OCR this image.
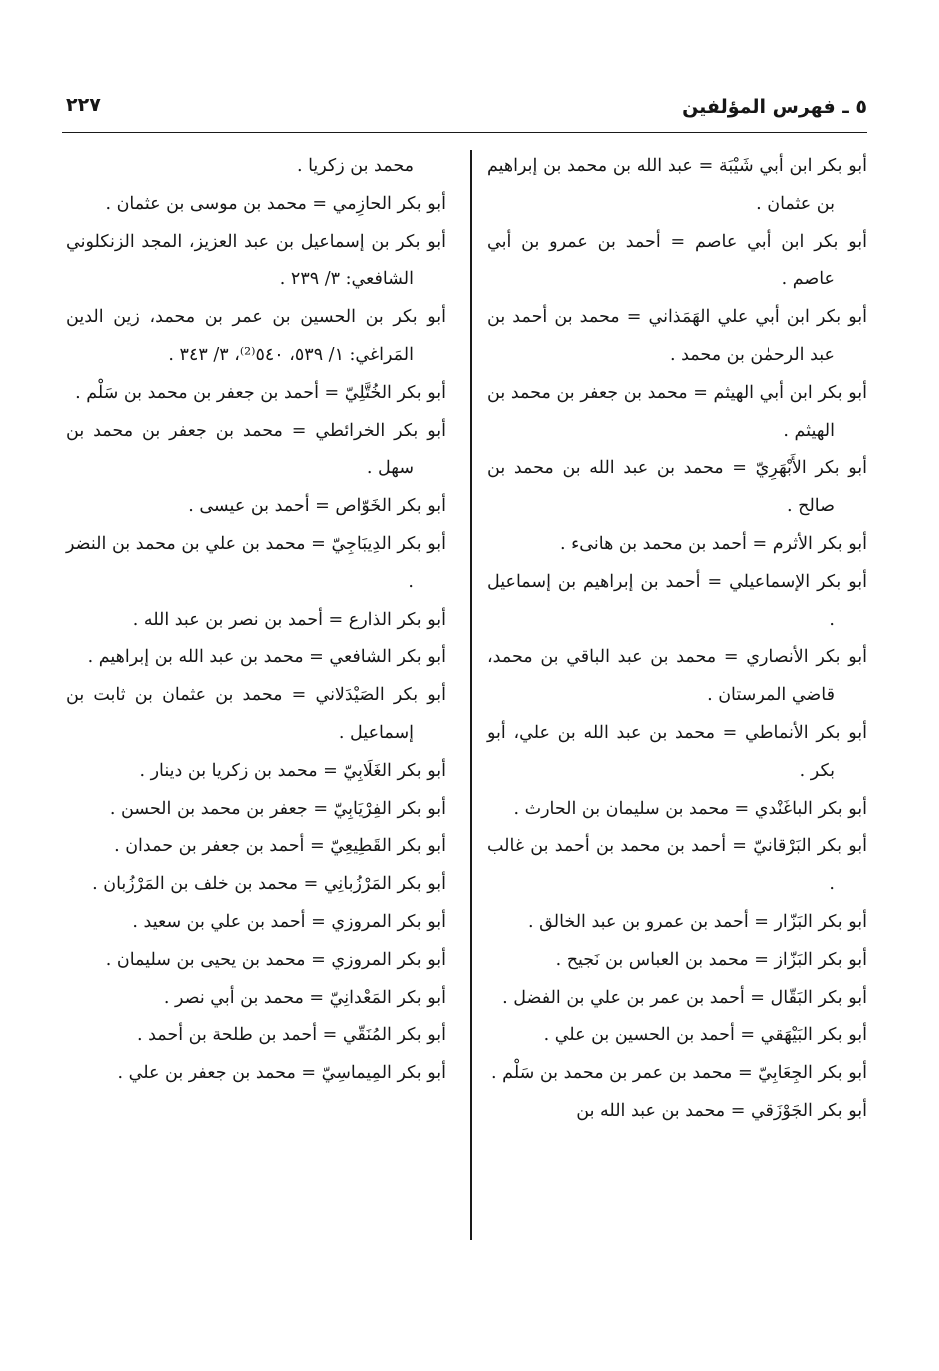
٥ ـ فهرس المؤلفين
٢٢٧

أبو بكر ابن أبي شَيْبَة = عبد الله بن محمد بن إبراهيم بن عثمان .

أبو بكر ابن أبي عاصم = أحمد بن عمرو بن أبي عاصم .

أبو بكر ابن أبي علي الهَمَذاني = محمد بن أحمد بن عبد الرحمٰن بن محمد .

أبو بكر ابن أبي الهيثم = محمد بن جعفر بن محمد بن الهيثم .

أبو بكر الأَبْهَرِيّ = محمد بن عبد الله بن محمد بن صالح .

أبو بكر الأثرم = أحمد بن محمد بن هانىء .

أبو بكر الإسماعيلي = أحمد بن إبراهيم بن إسماعيل .

أبو بكر الأنصاري = محمد بن عبد الباقي بن محمد، قاضي المرستان .

أبو بكر الأنماطي = محمد بن عبد الله بن علي، أبو بكر .

أبو بكر الباغَنْدي = محمد بن سليمان بن الحارث .

أبو بكر البَرْقانيّ = أحمد بن محمد بن أحمد بن غالب .

أبو بكر البَزّار = أحمد بن عمرو بن عبد الخالق .

أبو بكر البَزّاز = محمد بن العباس بن نَجيح .

أبو بكر البَقّال = أحمد بن عمر بن علي بن الفضل .

أبو بكر البَيْهَقي = أحمد بن الحسين بن علي .

أبو بكر الجِعَابِيّ = محمد بن عمر بن محمد بن سَلْم .

أبو بكر الجَوْزَقي = محمد بن عبد الله بن

محمد بن زكريا .

أبو بكر الحازِمي = محمد بن موسى بن عثمان .

أبو بكر بن إسماعيل بن عبد العزيز، المجد الزنكلوني الشافعي: ٣/ ٢٣٩ .

أبو بكر بن الحسين بن عمر بن محمد، زين الدين المَراغي: ١/ ٥٣٩، ٥٤٠⁽²⁾، ٣/ ٣٤٣ .

أبو بكر الخُتَّلِيّ = أحمد بن جعفر بن محمد بن سَلْم .

أبو بكر الخرائطي = محمد بن جعفر بن محمد بن سهل .

أبو بكر الخَوّاص = أحمد بن عيسى .

أبو بكر الدِيبَاجِيّ = محمد بن علي بن محمد بن النضر .

أبو بكر الذارع = أحمد بن نصر بن عبد الله .

أبو بكر الشافعي = محمد بن عبد الله بن إبراهيم .

أبو بكر الصَيْدَلاني = محمد بن عثمان بن ثابت بن إسماعيل .

أبو بكر الغَلَابِيّ = محمد بن زكريا بن دينار .

أبو بكر الفِرْيَابِيّ = جعفر بن محمد بن الحسن .

أبو بكر القَطِيعِيّ = أحمد بن جعفر بن حمدان .

أبو بكر المَرْزُبانِي = محمد بن خلف بن المَرْزُبان .

أبو بكر المروزي = أحمد بن علي بن سعيد .

أبو بكر المروزي = محمد بن يحيى بن سليمان .

أبو بكر المَعْدانِيّ = محمد بن أبي نصر .

أبو بكر المُنَقّي = أحمد بن طلحة بن أحمد .

أبو بكر المِيماسِيّ = محمد بن جعفر بن علي .
